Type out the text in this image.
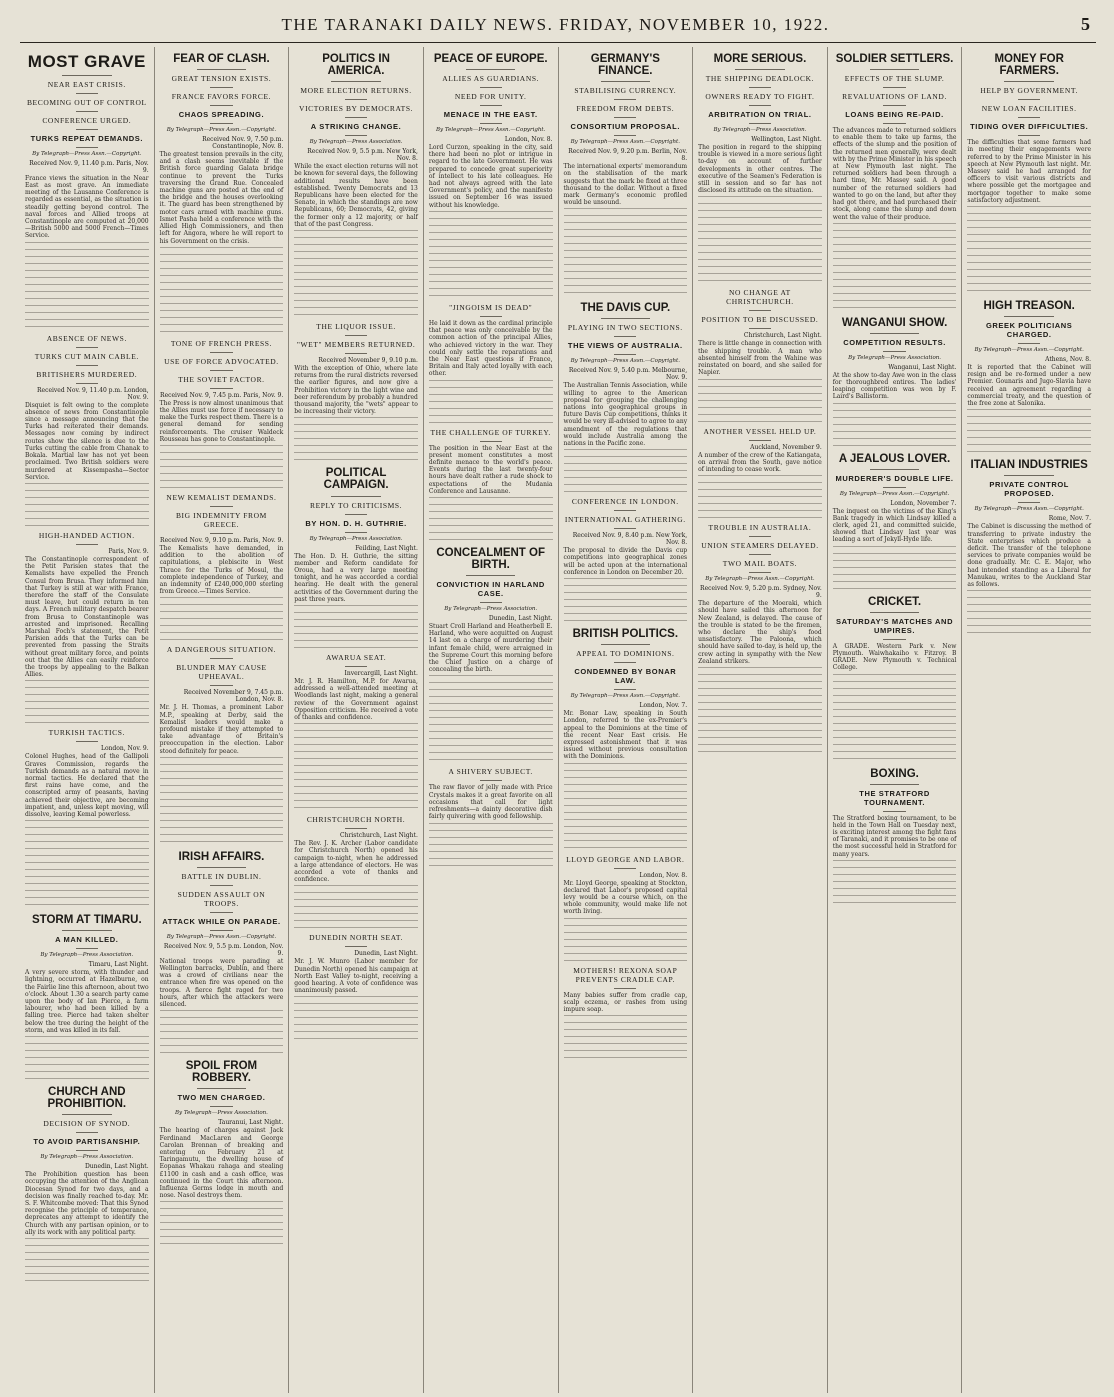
THE TARANAKI DAILY NEWS. FRIDAY, NOVEMBER 10, 1922.	5
MOST GRAVE
NEAR EAST CRISIS.
BECOMING OUT OF CONTROL
CONFERENCE URGED.
TURKS REPEAT DEMANDS.
By Telegraph—Press Assn.—Copyright.
Received Nov. 9, 11.40 p.m. Paris, Nov. 9.

France views the situation in the Near East as most grave. An immediate meeting of the Lausanne Conference is regarded as essential, as the situation is steadily getting beyond control. The naval forces and Allied troops at Constantinople are computed at 20,000—British 5000 and 5000 French—Times Service.

ABSENCE OF NEWS.
TURKS CUT MAIN CABLE.
BRITISHERS MURDERED.
Received Nov. 9, 11.40 p.m. London, Nov. 9.

Disquiet is felt owing to the complete absence of news from Constantinople since a message announcing that the Turks had reiterated their demands. Messages now coming by indirect routes show the silence is due to the Turks cutting the cable from Chanak to Bokala. Martial law has not yet been proclaimed. Two British soldiers were murdered at Kissempasha—Sector Service.

HIGH-HANDED ACTION.
Paris, Nov. 9.

The Constantinople correspondent of the Petit Parisien states that the Kemalists have expelled the French Consul from Brusa. They informed him that Turkey is still at war with France, therefore the staff of the Consulate must leave, but could return in ten days. A French military despatch bearer from Brusa to Constantinople was arrested and imprisoned. Recalling Marshal Foch's statement, the Petit Parisien adds that the Turks can be prevented from passing the Straits without great military force, and points out that the Allies can easily reinforce the troops by appealing to the Balkan Allies.

TURKISH TACTICS.
London, Nov. 9.

Colonel Hughes, head of the Gallipoli Graves Commission, regards the Turkish demands as a natural move in normal tactics. He declared that the first rains have come, and the conscripted army of peasants, having achieved their objective, are becoming impatient, and, unless kept moving, will dissolve, leaving Kemal powerless.

STORM AT TIMARU.
A MAN KILLED.
By Telegraph—Press Association.
Timaru, Last Night.

A very severe storm, with thunder and lightning, occurred at Hazelburne, on the Fairlie line this afternoon, about two o'clock. About 1.30 a search party came upon the body of Ian Pierce, a farm labourer, who had been killed by a falling tree. Pierce had taken shelter below the tree during the height of the storm, and was killed in its fall.

CHURCH AND PROHIBITION.
DECISION OF SYNOD.
TO AVOID PARTISANSHIP.
By Telegraph—Press Association.
Dunedin, Last Night.

The Prohibition question has been occupying the attention of the Anglican Diocesan Synod for two days, and a decision was finally reached to-day. Mr. S. F. Whitcombe moved: That this Synod recognise the principle of temperance, deprecates any attempt to identify the Church with any partisan opinion, or to ally its work with any political party.

FEAR OF CLASH.
GREAT TENSION EXISTS.
FRANCE FAVORS FORCE.
CHAOS SPREADING.
By Telegraph—Press Assn.—Copyright.
Received Nov. 9, 7.50 p.m. Constantinople, Nov. 8.

The greatest tension prevails in the city, and a clash seems inevitable if the British force guarding Galata bridge continue to prevent the Turks traversing the Grand Rue. Concealed machine guns are posted at the end of the bridge and the houses overlooking it. The guard has been strengthened by motor cars armed with machine guns. Ismet Pasha held a conference with the Allied High Commissioners, and then left for Angora, where he will report to his Government on the crisis.

TONE OF FRENCH PRESS.
USE OF FORCE ADVOCATED.
THE SOVIET FACTOR.
Received Nov. 9, 7.45 p.m. Paris, Nov. 9.

The Press is now almost unanimous that the Allies must use force if necessary to make the Turks respect them. There is a general demand for sending reinforcements. The cruiser Waldeck Rousseau has gone to Constantinople.

NEW KEMALIST DEMANDS.
BIG INDEMNITY FROM GREECE.
Received Nov. 9, 9.10 p.m. Paris, Nov. 9.

The Kemalists have demanded, in addition to the abolition of capitulations, a plebiscite in West Thrace for the Turks of Mosul, the complete independence of Turkey, and an indemnity of £240,000,000 sterling from Greece.—Times Service.

A DANGEROUS SITUATION.
BLUNDER MAY CAUSE UPHEAVAL.
Received November 9, 7.45 p.m. London, Nov. 8.

Mr. J. H. Thomas, a prominent Labor M.P., speaking at Derby, said the Kemalist leaders would make a profound mistake if they attempted to take advantage of Britain's preoccupation in the election. Labor stood definitely for peace.

IRISH AFFAIRS.
BATTLE IN DUBLIN.
SUDDEN ASSAULT ON TROOPS.
ATTACK WHILE ON PARADE.
By Telegraph—Press Assn.—Copyright.
Received Nov. 9, 5.5 p.m. London, Nov. 9.

National troops were parading at Wellington barracks, Dublin, and there was a crowd of civilians near the entrance when fire was opened on the troops. A fierce fight raged for two hours, after which the attackers were silenced.

SPOIL FROM ROBBERY.
TWO MEN CHARGED.
By Telegraph—Press Association.
Tauranui, Last Night.

The hearing of charges against Jack Ferdinand MacLaren and George Carolan Brennan of breaking and entering on February 21 at Taringamutu, the dwelling house of Eopanas Whakau rahaga and stealing £1100 in cash and a cash office, was continued in the Court this afternoon. Influenza Germs lodge in mouth and nose. Nasol destroys them.

POLITICS IN AMERICA.
MORE ELECTION RETURNS.
VICTORIES BY DEMOCRATS.
A STRIKING CHANGE.
By Telegraph—Press Association.
Received Nov. 9, 5.5 p.m. New York, Nov. 8.

While the exact election returns will not be known for several days, the following additional results have been established. Twenty Democrats and 13 Republicans have been elected for the Senate, in which the standings are now Republicans, 60; Democrats, 42, giving the former only a 12 majority, or half that of the past Congress.

THE LIQUOR ISSUE.
"WET" MEMBERS RETURNED.
Received November 9, 9.10 p.m.

With the exception of Ohio, where late returns from the rural districts reversed the earlier figures, and now give a Prohibition victory in the light wine and beer referendum by probably a hundred thousand majority, the "wets" appear to be increasing their victory.

POLITICAL CAMPAIGN.
REPLY TO CRITICISMS.
BY HON. D. H. GUTHRIE.
By Telegraph—Press Association.
Feilding, Last Night.

The Hon. D. H. Guthrie, the sitting member and Reform candidate for Oroua, had a very large meeting tonight, and he was accorded a cordial hearing. He dealt with the general activities of the Government during the past three years.

AWARUA SEAT.
Invercargill, Last Night.

Mr. J. R. Hamilton, M.P. for Awarua, addressed a well-attended meeting at Woodlands last night, making a general review of the Government against Opposition criticism. He received a vote of thanks and confidence.

CHRISTCHURCH NORTH.
Christchurch, Last Night.

The Rev. J. K. Archer (Labor candidate for Christchurch North) opened his campaign to-night, when he addressed a large attendance of electors. He was accorded a vote of thanks and confidence.

DUNEDIN NORTH SEAT.
Dunedin, Last Night.

Mr. J. W. Munro (Labor member for Dunedin North) opened his campaign at North East Valley to-night, receiving a good hearing. A vote of confidence was unanimously passed.

PEACE OF EUROPE.
ALLIES AS GUARDIANS.
NEED FOR UNITY.
MENACE IN THE EAST.
By Telegraph—Press Assn.—Copyright.
London, Nov. 8.

Lord Curzon, speaking in the city, said there had been no plot or intrigue in regard to the late Government. He was prepared to concede great superiority of intellect to his late colleagues. He had not always agreed with the late Government's policy, and the manifesto issued on September 16 was issued without his knowledge.

"JINGOISM IS DEAD"

He laid it down as the cardinal principle that peace was only conceivable by the common action of the principal Allies, who achieved victory in the war. They could only settle the reparations and the Near East questions if France, Britain and Italy acted loyally with each other.

THE CHALLENGE OF TURKEY.

The position in the Near East at the present moment constitutes a most definite menace to the world's peace. Events during the last twenty-four hours have dealt rather a rude shock to expectations of the Mudania Conference and Lausanne.

CONCEALMENT OF BIRTH.
CONVICTION IN HARLAND CASE.
By Telegraph—Press Association.
Dunedin, Last Night.

Stuart Croll Harland and Heatherbell E. Harland, who were acquitted on August 14 last on a charge of murdering their infant female child, were arraigned in the Supreme Court this morning before the Chief Justice on a charge of concealing the birth.

A SHIVERY SUBJECT.

The raw flavor of jelly made with Price Crystals makes it a great favorite on all occasions that call for light refreshments—a dainty decorative dish fairly quivering with good fellowship.

GERMANY'S FINANCE.
STABILISING CURRENCY.
FREEDOM FROM DEBTS.
CONSORTIUM PROPOSAL.
By Telegraph—Press Assn.—Copyright.
Received Nov. 9, 9.20 p.m. Berlin, Nov. 8.

The international experts' memorandum on the stabilisation of the mark suggests that the mark be fixed at three thousand to the dollar. Without a fixed mark Germany's economic profiled would be unsound.

THE DAVIS CUP.
PLAYING IN TWO SECTIONS.
THE VIEWS OF AUSTRALIA.
By Telegraph—Press Assn.—Copyright.
Received Nov. 9, 5.40 p.m. Melbourne, Nov. 9.

The Australian Tennis Association, while willing to agree to the American proposal for grouping the challenging nations into geographical groups in future Davis Cup competitions, thinks it would be very ill-advised to agree to any amendment of the regulations that would include Australia among the nations in the Pacific zone.

CONFERENCE IN LONDON.
INTERNATIONAL GATHERING.
Received Nov. 9, 8.40 p.m. New York, Nov. 8.

The proposal to divide the Davis cup competitions into geographical zones will be acted upon at the international conference in London on December 20.

BRITISH POLITICS.
APPEAL TO DOMINIONS.
CONDEMNED BY BONAR LAW.
By Telegraph—Press Assn.—Copyright.
London, Nov. 7.

Mr. Bonar Law, speaking in South London, referred to the ex-Premier's appeal to the Dominions at the time of the recent Near East crisis. He expressed astonishment that it was issued without previous consultation with the Dominions.

LLOYD GEORGE AND LABOR.
London, Nov. 8.

Mr. Lloyd George, speaking at Stockton, declared that Labor's proposed capital levy would be a course which, on the whole community, would make life not worth living.

MOTHERS! REXONA SOAP PREVENTS CRADLE CAP.

Many babies suffer from cradle cap, scalp eczema, or rashes from using impure soap.

MORE SERIOUS.
THE SHIPPING DEADLOCK.
OWNERS READY TO FIGHT.
ARBITRATION ON TRIAL.
By Telegraph—Press Association.
Wellington, Last Night.

The position in regard to the shipping trouble is viewed in a more serious light to-day on account of further developments in other centres. The executive of the Seamen's Federation is still in session and so far has not disclosed its attitude on the situation.

NO CHANGE AT CHRISTCHURCH.
POSITION TO BE DISCUSSED.
Christchurch, Last Night.

There is little change in connection with the shipping trouble. A man who absented himself from the Wahine was reinstated on board, and she sailed for Napier.

ANOTHER VESSEL HELD UP.
Auckland, November 9.

A number of the crew of the Katiangata, on arrival from the South, gave notice of intending to cease work.

TROUBLE IN AUSTRALIA.
UNION STEAMERS DELAYED.
TWO MAIL BOATS.
By Telegraph—Press Assn.—Copyright.
Received Nov. 9, 5.20 p.m. Sydney, Nov. 9.

The departure of the Moeraki, which should have sailed this afternoon for New Zealand, is delayed. The cause of the trouble is stated to be the firemen, who declare the ship's food unsatisfactory. The Paloona, which should have sailed to-day, is held up, the crew acting in sympathy with the New Zealand strikers.

SOLDIER SETTLERS.
EFFECTS OF THE SLUMP.
REVALUATIONS OF LAND.
LOANS BEING RE-PAID.

The advances made to returned soldiers to enable them to take up farms, the effects of the slump and the position of the returned men generally, were dealt with by the Prime Minister in his speech at New Plymouth last night. The returned soldiers had been through a hard time, Mr. Massey said. A good number of the returned soldiers had wanted to go on the land, but after they had got there, and had purchased their stock, along came the slump and down went the value of their produce.

WANGANUI SHOW.
COMPETITION RESULTS.
By Telegraph—Press Association.
Wanganui, Last Night.

At the show to-day Awe won in the class for thoroughbred entires. The ladies' leaping competition was won by F. Laird's Ballistorm.

A JEALOUS LOVER.
MURDERER'S DOUBLE LIFE.
By Telegraph—Press Assn.—Copyright.
London, November 7.

The inquest on the victims of the King's Bank tragedy in which Lindsay killed a clerk, aged 21, and committed suicide, showed that Lindsay last year was leading a sort of Jekyll-Hyde life.

CRICKET.
SATURDAY'S MATCHES AND UMPIRES.

A GRADE. Western Park v. New Plymouth. Waiwhakaiho v. Fitzroy. B GRADE. New Plymouth v. Technical College.

BOXING.
THE STRATFORD TOURNAMENT.

The Stratford boxing tournament, to be held in the Town Hall on Tuesday next, is exciting interest among the fight fans of Taranaki, and it promises to be one of the most successful held in Stratford for many years.

MONEY FOR FARMERS.
HELP BY GOVERNMENT.
NEW LOAN FACILITIES.
TIDING OVER DIFFICULTIES.

The difficulties that some farmers had in meeting their engagements were referred to by the Prime Minister in his speech at New Plymouth last night. Mr. Massey said he had arranged for officers to visit various districts and where possible get the mortgagee and mortgagor together to make some satisfactory adjustment.

HIGH TREASON.
GREEK POLITICIANS CHARGED.
By Telegraph—Press Assn.—Copyright.
Athens, Nov. 8.

It is reported that the Cabinet will resign and be re-formed under a new Premier. Gounaris and Jugo-Slavia have received an agreement regarding a commercial treaty, and the question of the free zone at Salonika.

ITALIAN INDUSTRIES
PRIVATE CONTROL PROPOSED.
By Telegraph—Press Assn.—Copyright.
Rome, Nov. 7.

The Cabinet is discussing the method of transferring to private industry the State enterprises which produce a deficit. The transfer of the telephone services to private companies would be done gradually. Mr. C. E. Major, who had intended standing as a Liberal for Manukau, writes to the Auckland Star as follows.
